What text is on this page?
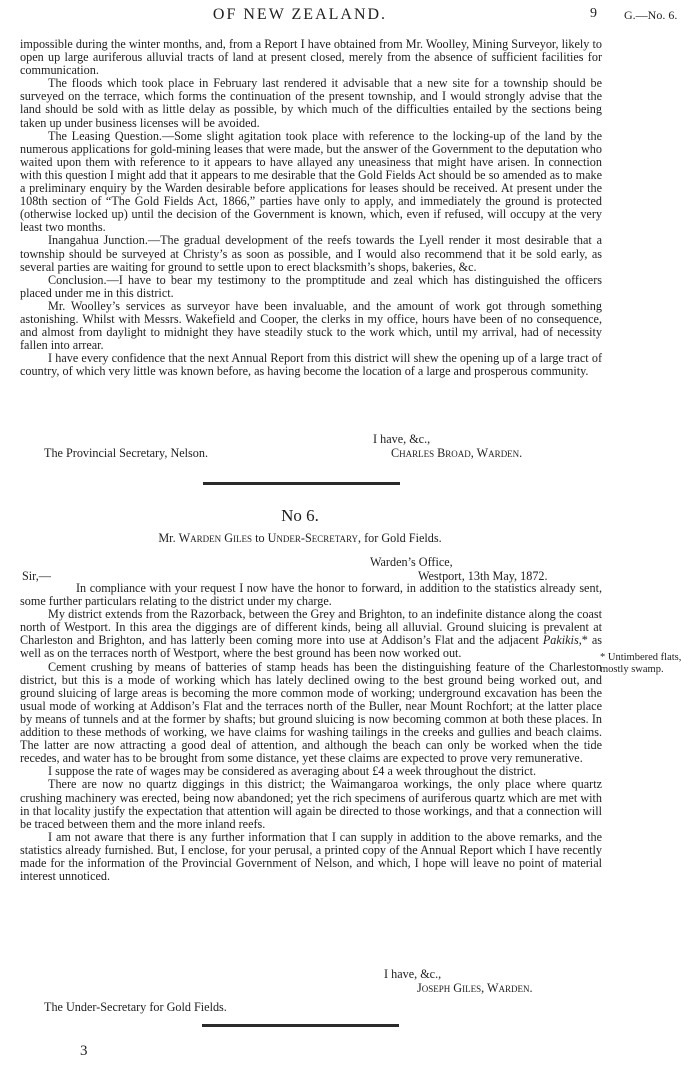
OF NEW ZEALAND.	9 G.—No. 6.

impossible during the winter months, and, from a Report I have obtained from Mr. Woolley, Mining Surveyor, likely to open up large auriferous alluvial tracts of land at present closed, merely from the absence of sufficient facilities for communication.

The floods which took place in February last rendered it advisable that a new site for a township should be surveyed on the terrace, which forms the continuation of the present township, and I would strongly advise that the land should be sold with as little delay as possible, by which much of the difficulties entailed by the sections being taken up under business licenses will be avoided.

The Leasing Question.—Some slight agitation took place with reference to the locking-up of the land by the numerous applications for gold-mining leases that were made, but the answer of the Government to the deputation who waited upon them with reference to it appears to have allayed any uneasiness that might have arisen. In connection with this question I might add that it appears to me desirable that the Gold Fields Act should be so amended as to make a preliminary enquiry by the Warden desirable before applications for leases should be received. At present under the 108th section of “The Gold Fields Act, 1866,” parties have only to apply, and immediately the ground is protected (otherwise locked up) until the decision of the Government is known, which, even if refused, will occupy at the very least two months.

Inangahua Junction.—The gradual development of the reefs towards the Lyell render it most desirable that a township should be surveyed at Christy’s as soon as possible, and I would also recommend that it be sold early, as several parties are waiting for ground to settle upon to erect blacksmith’s shops, bakeries, &c.

Conclusion.—I have to bear my testimony to the promptitude and zeal which has distinguished the officers placed under me in this district.

Mr. Woolley’s services as surveyor have been invaluable, and the amount of work got through something astonishing. Whilst with Messrs. Wakefield and Cooper, the clerks in my office, hours have been of no consequence, and almost from daylight to midnight they have steadily stuck to the work which, until my arrival, had of necessity fallen into arrear.

I have every confidence that the next Annual Report from this district will shew the opening up of a large tract of country, of which very little was known before, as having become the location of a large and prosperous community.

I have, &c.,
The Provincial Secretary, Nelson.	Charles Broad, Warden.
No 6.
Mr. Warden Giles to Under-Secretary, for Gold Fields.
Warden’s Office,
Sir,—	Westport, 13th May, 1872.

In compliance with your request I now have the honor to forward, in addition to the statistics already sent, some further particulars relating to the district under my charge.

My district extends from the Razorback, between the Grey and Brighton, to an indefinite distance along the coast north of Westport. In this area the diggings are of different kinds, being all alluvial. Ground sluicing is prevalent at Charleston and Brighton, and has latterly been coming more into use at Addison’s Flat and the adjacent Pakikis,* as well as on the terraces north of Westport, where the best ground has been now worked out.

Cement crushing by means of batteries of stamp heads has been the distinguishing feature of the Charleston district, but this is a mode of working which has lately declined owing to the best ground being worked out, and ground sluicing of large areas is becoming the more common mode of working; underground excavation has been the usual mode of working at Addison’s Flat and the terraces north of the Buller, near Mount Rochfort; at the latter place by means of tunnels and at the former by shafts; but ground sluicing is now becoming common at both these places. In addition to these methods of working, we have claims for washing tailings in the creeks and gullies and beach claims. The latter are now attracting a good deal of attention, and although the beach can only be worked when the tide recedes, and water has to be brought from some distance, yet these claims are expected to prove very remunerative.

I suppose the rate of wages may be considered as averaging about £4 a week throughout the district.

There are now no quartz diggings in this district; the Waimangaroa workings, the only place where quartz crushing machinery was erected, being now abandoned; yet the rich specimens of auriferous quartz which are met with in that locality justify the expectation that attention will again be directed to those workings, and that a connection will be traced between them and the more inland reefs.

I am not aware that there is any further information that I can supply in addition to the above remarks, and the statistics already furnished. But, I enclose, for your perusal, a printed copy of the Annual Report which I have recently made for the information of the Provincial Government of Nelson, and which, I hope will leave no point of material interest unnoticed.

* Untimbered flats, mostly swamp.
I have, &c.,
Joseph Giles, Warden.
The Under-Secretary for Gold Fields.
3
